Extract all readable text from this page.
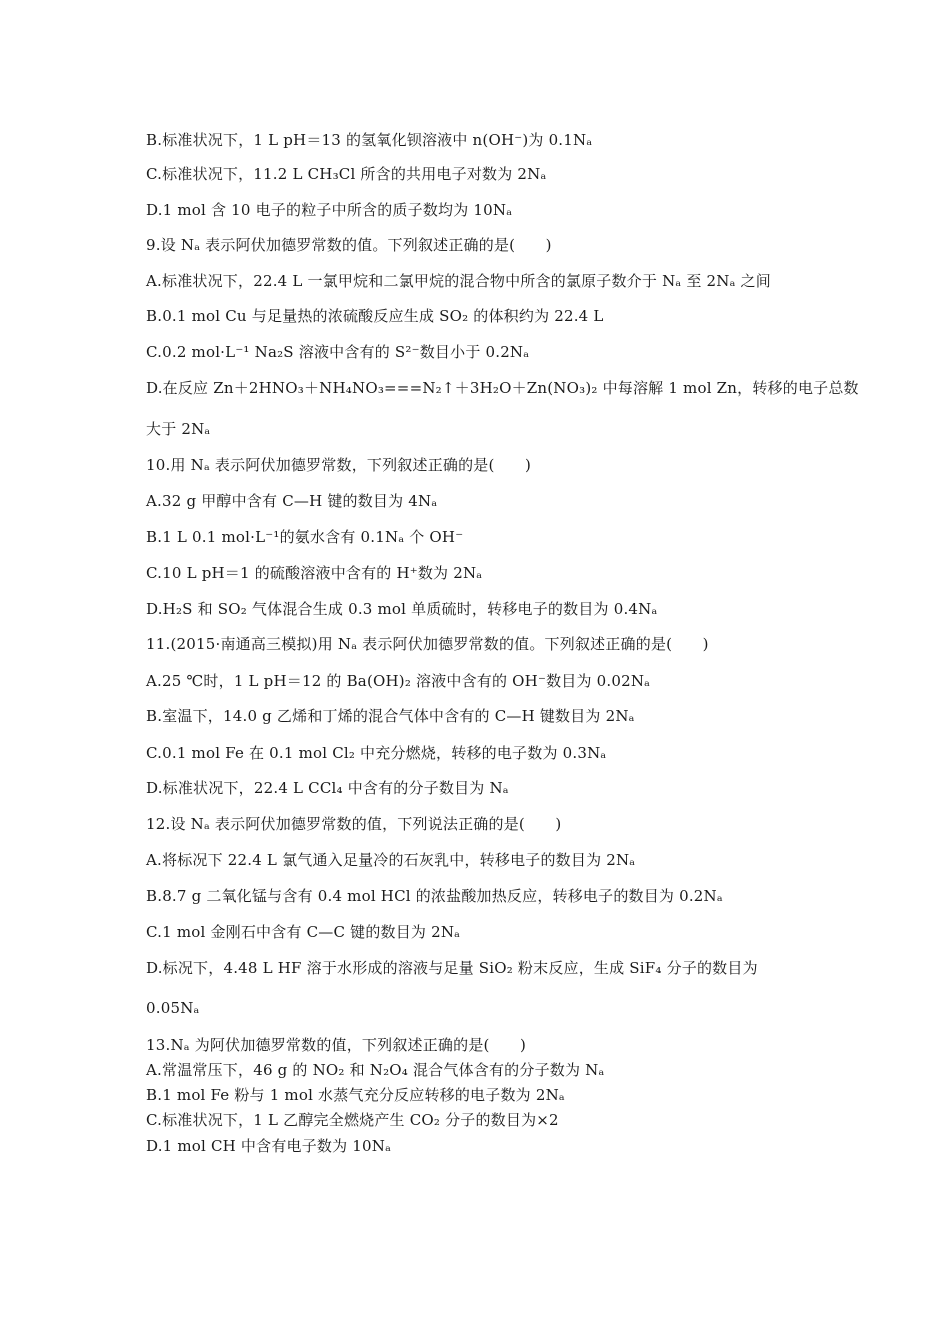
B.标准状况下，1 L pH＝13 的氢氧化钡溶液中 n(OH⁻)为 0.1Nₐ
C.标准状况下，11.2 L CH₃Cl 所含的共用电子对数为 2Nₐ
D.1 mol 含 10 电子的粒子中所含的质子数均为 10Nₐ
9.设 Nₐ 表示阿伏加德罗常数的值。下列叙述正确的是(　　)
A.标准状况下，22.4 L 一氯甲烷和二氯甲烷的混合物中所含的氯原子数介于 Nₐ 至 2Nₐ 之间
B.0.1 mol Cu 与足量热的浓硫酸反应生成 SO₂ 的体积约为 22.4 L
C.0.2 mol·L⁻¹ Na₂S 溶液中含有的 S²⁻数目小于 0.2Nₐ
D.在反应 Zn＋2HNO₃＋NH₄NO₃===N₂↑＋3H₂O＋Zn(NO₃)₂ 中每溶解 1 mol Zn，转移的电子总数
大于 2Nₐ
10.用 Nₐ 表示阿伏加德罗常数，下列叙述正确的是(　　)
A.32 g 甲醇中含有 C—H 键的数目为 4Nₐ
B.1 L 0.1 mol·L⁻¹的氨水含有 0.1Nₐ 个 OH⁻
C.10 L pH＝1 的硫酸溶液中含有的 H⁺数为 2Nₐ
D.H₂S 和 SO₂ 气体混合生成 0.3 mol 单质硫时，转移电子的数目为 0.4Nₐ
11.(2015·南通高三模拟)用 Nₐ 表示阿伏加德罗常数的值。下列叙述正确的是(　　)
A.25 ℃时，1 L pH＝12 的 Ba(OH)₂ 溶液中含有的 OH⁻数目为 0.02Nₐ
B.室温下，14.0 g 乙烯和丁烯的混合气体中含有的 C—H 键数目为 2Nₐ
C.0.1 mol Fe 在 0.1 mol Cl₂ 中充分燃烧，转移的电子数为 0.3Nₐ
D.标准状况下，22.4 L CCl₄ 中含有的分子数目为 Nₐ
12.设 Nₐ 表示阿伏加德罗常数的值，下列说法正确的是(　　)
A.将标况下 22.4 L 氯气通入足量冷的石灰乳中，转移电子的数目为 2Nₐ
B.8.7 g 二氧化锰与含有 0.4 mol HCl 的浓盐酸加热反应，转移电子的数目为 0.2Nₐ
C.1 mol 金刚石中含有 C—C 键的数目为 2Nₐ
D.标况下，4.48 L HF 溶于水形成的溶液与足量 SiO₂ 粉末反应，生成 SiF₄ 分子的数目为
0.05Nₐ
13.Nₐ 为阿伏加德罗常数的值，下列叙述正确的是(　　)
A.常温常压下，46 g 的 NO₂ 和 N₂O₄ 混合气体含有的分子数为 Nₐ
B.1 mol Fe 粉与 1 mol 水蒸气充分反应转移的电子数为 2Nₐ
C.标准状况下，1 L 乙醇完全燃烧产生 CO₂ 分子的数目为×2
D.1 mol CH 中含有电子数为 10Nₐ
